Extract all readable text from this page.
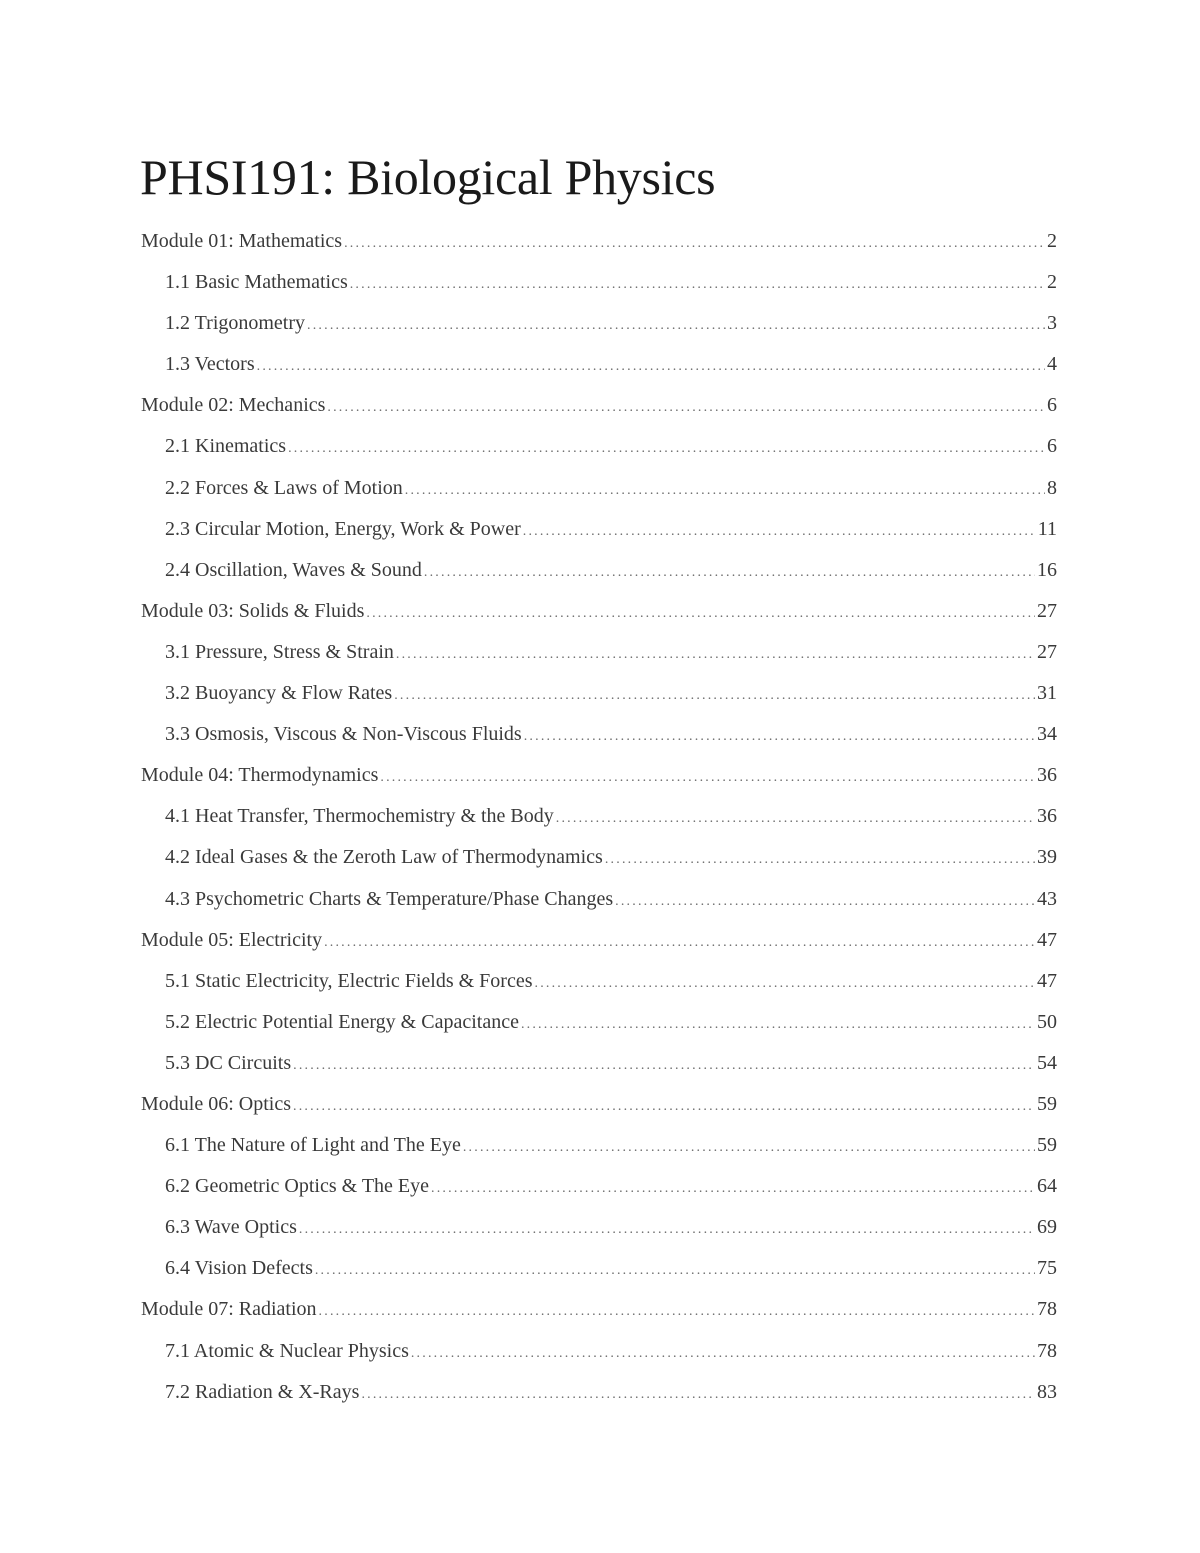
PHSI191: Biological Physics
Module 01: Mathematics .....	2
1.1 Basic Mathematics .....	2
1.2 Trigonometry .....	3
1.3 Vectors .....	4
Module 02: Mechanics .....	6
2.1 Kinematics .....	6
2.2 Forces & Laws of Motion .....	8
2.3 Circular Motion, Energy, Work & Power .....	11
2.4 Oscillation, Waves & Sound .....	16
Module 03: Solids & Fluids .....	27
3.1 Pressure, Stress & Strain .....	27
3.2 Buoyancy & Flow Rates .....	31
3.3 Osmosis, Viscous & Non-Viscous Fluids .....	34
Module 04: Thermodynamics .....	36
4.1 Heat Transfer, Thermochemistry & the Body .....	36
4.2 Ideal Gases & the Zeroth Law of Thermodynamics .....	39
4.3 Psychometric Charts & Temperature/Phase Changes .....	43
Module 05: Electricity .....	47
5.1 Static Electricity, Electric Fields & Forces .....	47
5.2 Electric Potential Energy & Capacitance .....	50
5.3 DC Circuits .....	54
Module 06: Optics .....	59
6.1 The Nature of Light and The Eye .....	59
6.2 Geometric Optics & The Eye .....	64
6.3 Wave Optics .....	69
6.4 Vision Defects .....	75
Module 07: Radiation .....	78
7.1 Atomic & Nuclear Physics .....	78
7.2 Radiation & X-Rays .....	83
